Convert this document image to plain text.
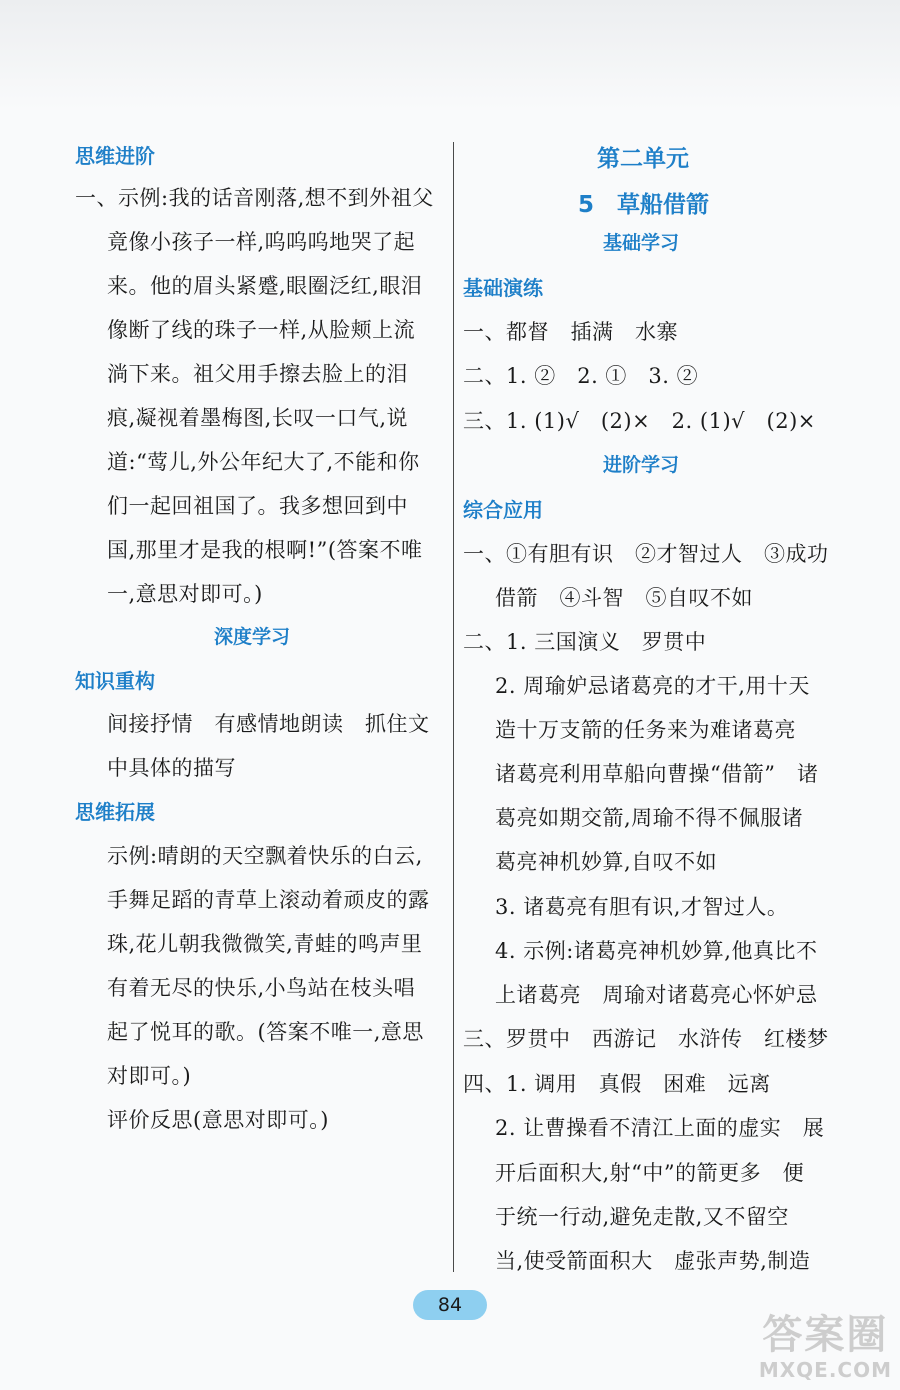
思维进阶
一、示例:我的话音刚落,想不到外祖父
竟像小孩子一样,呜呜呜地哭了起
来。他的眉头紧蹙,眼圈泛红,眼泪
像断了线的珠子一样,从脸颊上流
淌下来。祖父用手擦去脸上的泪
痕,凝视着墨梅图,长叹一口气,说
道:“莺儿,外公年纪大了,不能和你
们一起回祖国了。我多想回到中
国,那里才是我的根啊!”(答案不唯
一,意思对即可。)
深度学习
知识重构
间接抒情　有感情地朗读　抓住文
中具体的描写
思维拓展
示例:晴朗的天空飘着快乐的白云,
手舞足蹈的青草上滚动着顽皮的露
珠,花儿朝我微微笑,青蛙的鸣声里
有着无尽的快乐,小鸟站在枝头唱
起了悦耳的歌。(答案不唯一,意思
对即可。)
评价反思(意思对即可。)
第二单元
5　草船借箭
基础学习
基础演练
一、都督　插满　水寨
二、1. ②　2. ①　3. ②
三、1. (1)√　(2)×　2. (1)√　(2)×
进阶学习
综合应用
一、①有胆有识　②才智过人　③成功
借箭　④斗智　⑤自叹不如
二、1. 三国演义　罗贯中
2. 周瑜妒忌诸葛亮的才干,用十天
造十万支箭的任务来为难诸葛亮
诸葛亮利用草船向曹操“借箭”　诸
葛亮如期交箭,周瑜不得不佩服诸
葛亮神机妙算,自叹不如
3. 诸葛亮有胆有识,才智过人。
4. 示例:诸葛亮神机妙算,他真比不
上诸葛亮　周瑜对诸葛亮心怀妒忌
三、罗贯中　西游记　水浒传　红楼梦
四、1. 调用　真假　困难　远离
2. 让曹操看不清江上面的虚实　展
开后面积大,射“中”的箭更多　便
于统一行动,避免走散,又不留空
当,使受箭面积大　虚张声势,制造
84
答案圈
MXQE.COM
